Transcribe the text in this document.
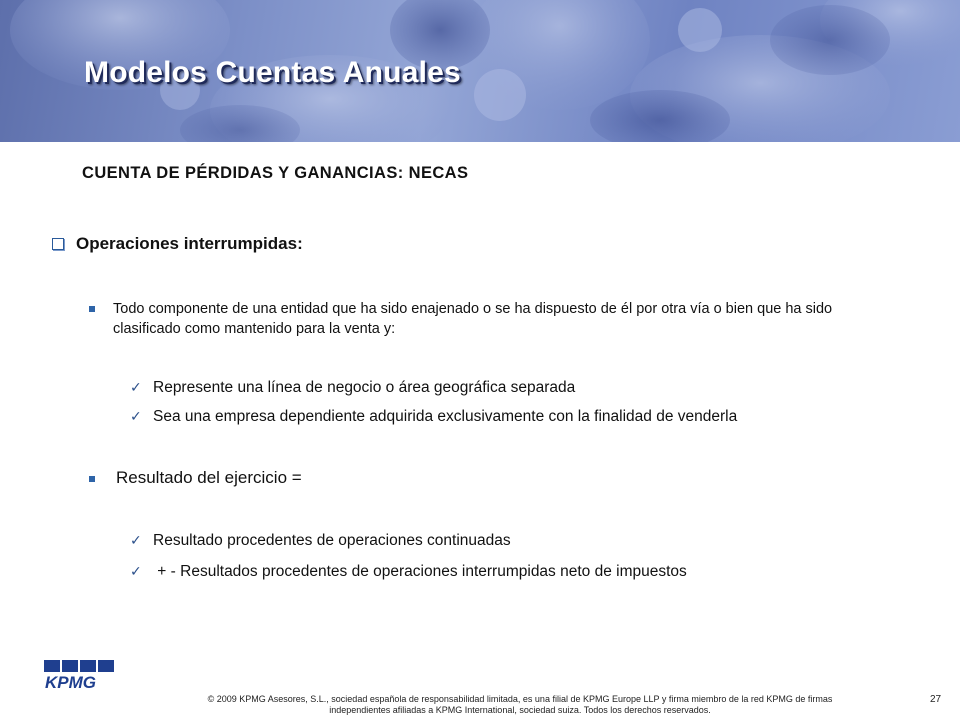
Modelos Cuentas Anuales
CUENTA DE PÉRDIDAS Y GANANCIAS: NECAS
Operaciones interrumpidas:
Todo componente de una entidad que ha sido enajenado o se ha dispuesto de él por otra vía o bien que ha sido clasificado como mantenido para la venta y:
✓ Represente una línea de negocio o área geográfica separada
✓ Sea una empresa dependiente adquirida exclusivamente con la finalidad de venderla
Resultado del ejercicio =
✓ Resultado procedentes de operaciones continuadas
✓ + - Resultados procedentes de operaciones interrumpidas neto de impuestos
KPMG
© 2009 KPMG Asesores, S.L., sociedad española de responsabilidad limitada, es una filial de KPMG Europe LLP y firma miembro de la red KPMG de firmas
independientes afiliadas a KPMG International, sociedad suiza. Todos los derechos reservados.
27
